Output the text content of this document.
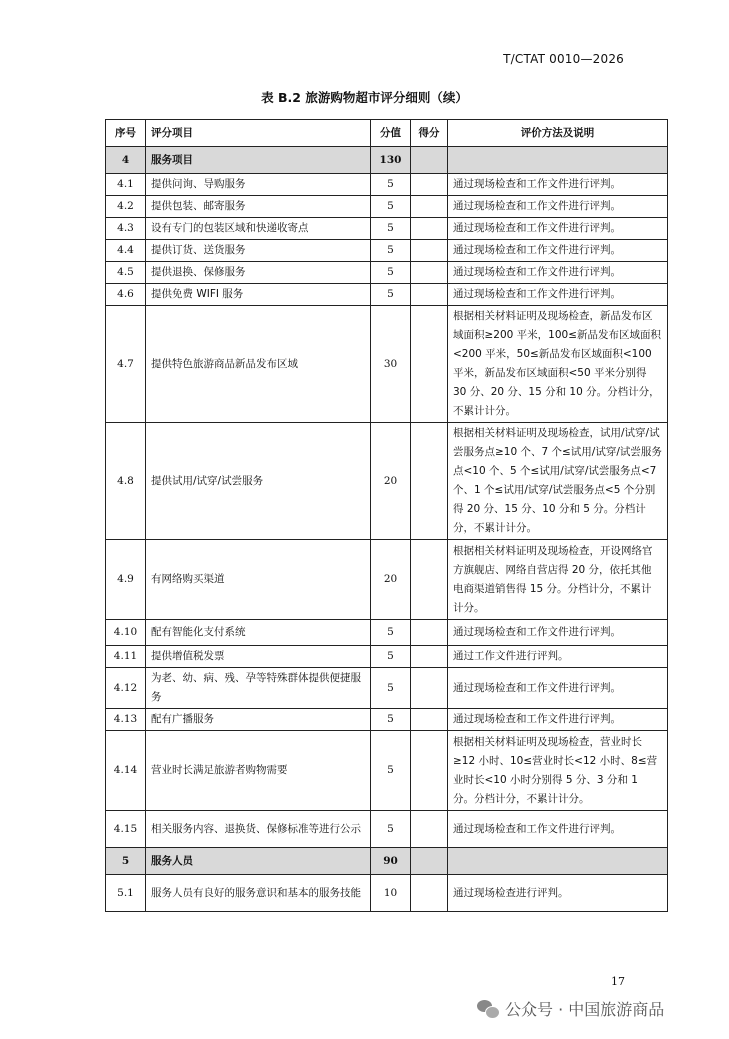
T/CTAT 0010—2026
表 B.2 旅游购物超市评分细则（续）
序号	评分项目	分值	得分	评价方法及说明
4	服务项目	130		
4.1	提供问询、导购服务	5		通过现场检查和工作文件进行评判。
4.2	提供包装、邮寄服务	5		通过现场检查和工作文件进行评判。
4.3	设有专门的包装区域和快递收寄点	5		通过现场检查和工作文件进行评判。
4.4	提供订货、送货服务	5		通过现场检查和工作文件进行评判。
4.5	提供退换、保修服务	5		通过现场检查和工作文件进行评判。
4.6	提供免费 WIFI 服务	5		通过现场检查和工作文件进行评判。
4.7	提供特色旅游商品新品发布区域	30		根据相关材料证明及现场检查，新品发布区域面积≥200 平米，100≤新品发布区域面积<200 平米，50≤新品发布区域面积<100 平米，新品发布区域面积<50 平米分别得 30 分、20 分、15 分和 10 分。分档计分，不累计计分。
4.8	提供试用/试穿/试尝服务	20		根据相关材料证明及现场检查，试用/试穿/试尝服务点≥10 个、7 个≤试用/试穿/试尝服务点<10 个、5 个≤试用/试穿/试尝服务点<7 个、1 个≤试用/试穿/试尝服务点<5 个分别得 20 分、15 分、10 分和 5 分。分档计分，不累计计分。
4.9	有网络购买渠道	20		根据相关材料证明及现场检查，开设网络官方旗舰店、网络自营店得 20 分，依托其他电商渠道销售得 15 分。分档计分，不累计计分。
4.10	配有智能化支付系统	5		通过现场检查和工作文件进行评判。
4.11	提供增值税发票	5		通过工作文件进行评判。
4.12	为老、幼、病、残、孕等特殊群体提供便捷服务	5		通过现场检查和工作文件进行评判。
4.13	配有广播服务	5		通过现场检查和工作文件进行评判。
4.14	营业时长满足旅游者购物需要	5		根据相关材料证明及现场检查，营业时长≥12 小时、10≤营业时长<12 小时、8≤营业时长<10 小时分别得 5 分、3 分和 1 分。分档计分，不累计计分。
4.15	相关服务内容、退换货、保修标准等进行公示	5		通过现场检查和工作文件进行评判。
5	服务人员	90		
5.1	服务人员有良好的服务意识和基本的服务技能	10		通过现场检查进行评判。
17
公众号 · 中国旅游商品
